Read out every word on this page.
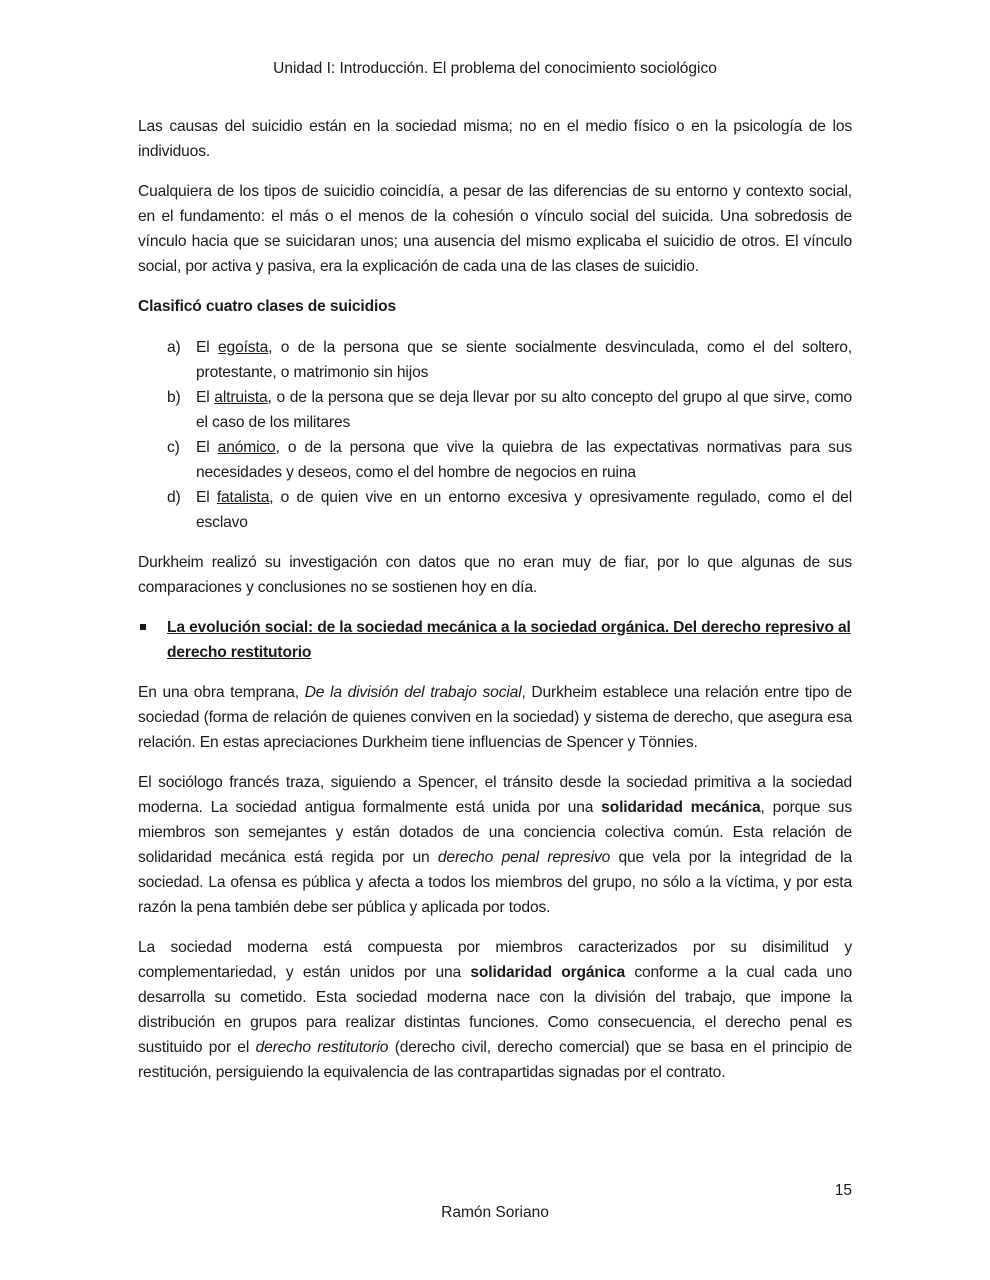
Unidad I: Introducción. El problema del conocimiento sociológico

Las causas del suicidio están en la sociedad misma; no en el medio físico o en la psicología de los individuos.

Cualquiera de los tipos de suicidio coincidía, a pesar de las diferencias de su entorno y contexto social, en el fundamento: el más o el menos de la cohesión o vínculo social del suicida. Una sobredosis de vínculo hacia que se suicidaran unos; una ausencia del mismo explicaba el suicidio de otros. El vínculo social, por activa y pasiva, era la explicación de cada una de las clases de suicidio.

Clasificó cuatro clases de suicidios

a) El egoísta, o de la persona que se siente socialmente desvinculada, como el del soltero, protestante, o matrimonio sin hijos
b) El altruista, o de la persona que se deja llevar por su alto concepto del grupo al que sirve, como el caso de los militares
c) El anómico, o de la persona que vive la quiebra de las expectativas normativas para sus necesidades y deseos, como el del hombre de negocios en ruina
d) El fatalista, o de quien vive en un entorno excesiva y opresivamente regulado, como el del esclavo

Durkheim realizó su investigación con datos que no eran muy de fiar, por lo que algunas de sus comparaciones y conclusiones no se sostienen hoy en día.

La evolución social: de la sociedad mecánica a la sociedad orgánica. Del derecho represivo al derecho restitutorio

En una obra temprana, De la división del trabajo social, Durkheim establece una relación entre tipo de sociedad (forma de relación de quienes conviven en la sociedad) y sistema de derecho, que asegura esa relación. En estas apreciaciones Durkheim tiene influencias de Spencer y Tönnies.

El sociólogo francés traza, siguiendo a Spencer, el tránsito desde la sociedad primitiva a la sociedad moderna. La sociedad antigua formalmente está unida por una solidaridad mecánica, porque sus miembros son semejantes y están dotados de una conciencia colectiva común. Esta relación de solidaridad mecánica está regida por un derecho penal represivo que vela por la integridad de la sociedad. La ofensa es pública y afecta a todos los miembros del grupo, no sólo a la víctima, y por esta razón la pena también debe ser pública y aplicada por todos.

La sociedad moderna está compuesta por miembros caracterizados por su disimilitud y complementariedad, y están unidos por una solidaridad orgánica conforme a la cual cada uno desarrolla su cometido. Esta sociedad moderna nace con la división del trabajo, que impone la distribución en grupos para realizar distintas funciones. Como consecuencia, el derecho penal es sustituido por el derecho restitutorio (derecho civil, derecho comercial) que se basa en el principio de restitución, persiguiendo la equivalencia de las contrapartidas signadas por el contrato.

15
Ramón Soriano
